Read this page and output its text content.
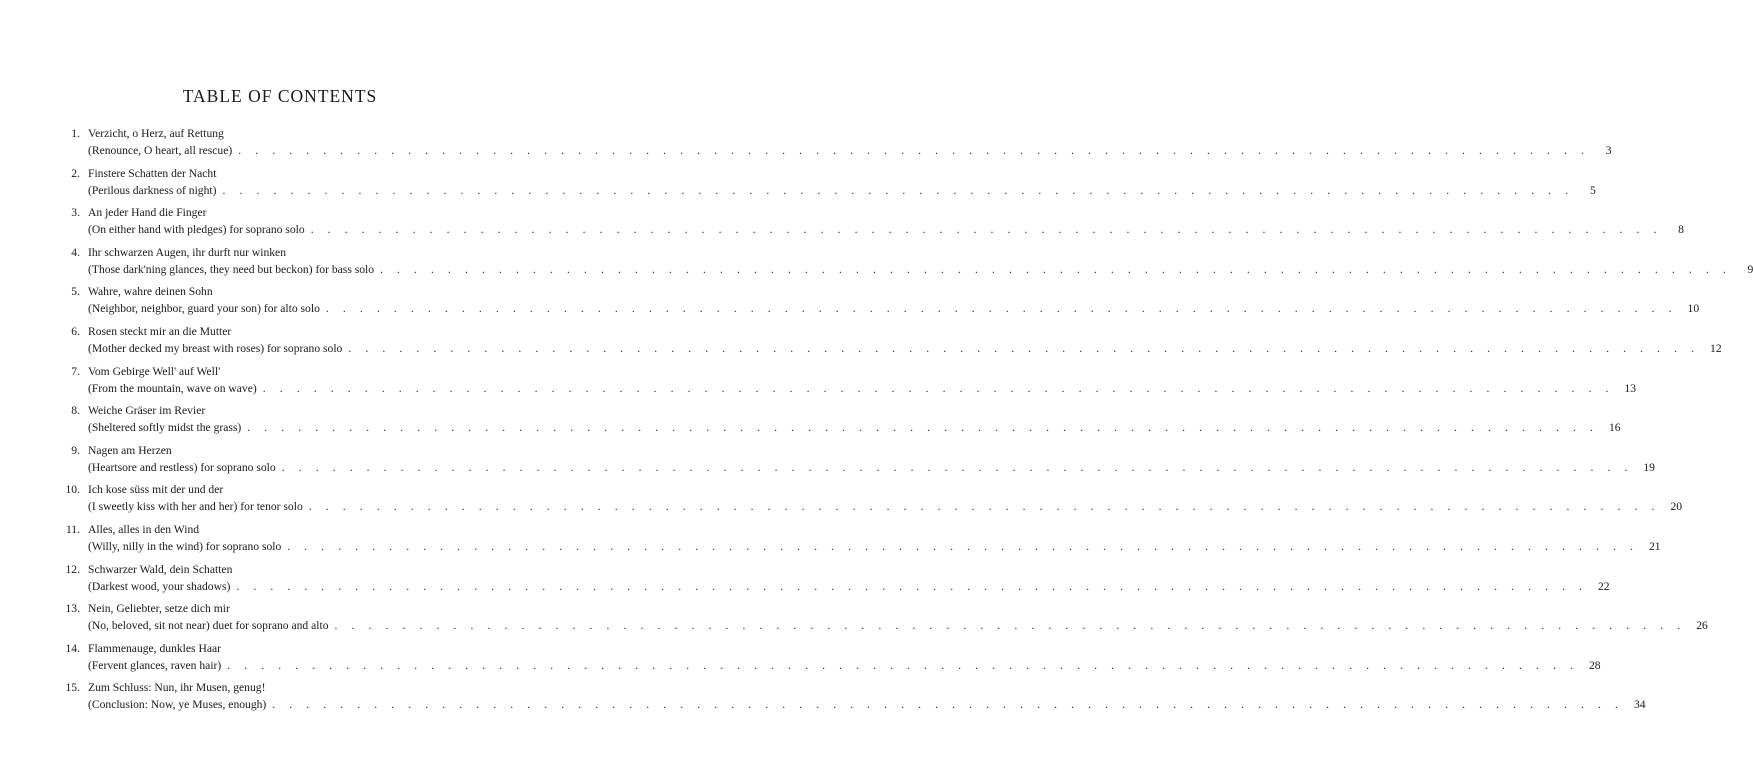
TABLE OF CONTENTS
1. Verzicht, o Herz, auf Rettung
(Renounce, O heart, all rescue) . . . . . . . . . . . . . . . . . . . . . . . . . . . . . . . . . . . . . . . . . . . . . . . . . . . . . . . . . . . . . . . . . . . . . . . . . . . . . . . .	3
2. Finstere Schatten der Nacht
(Perilous darkness of night) . . . . . . . . . . . . . . . . . . . . . . . . . . . . . . . . . . . . . . . . . . . . . . . . . . . . . . . . . . . . . . . . . . . . . . . . . . . . . . . .	5
3. An jeder Hand die Finger
(On either hand with pledges) for soprano solo . . . . . . . . . . . . . . . . . . . . . . . . . . . . . . . . . . . . . . . . . . . . . . . . . . . . . . . . . . . . . . . . . . . . . . . . . . . . . . . .	8
4. Ihr schwarzen Augen, ihr durft nur winken
(Those dark'ning glances, they need but beckon) for bass solo . . . . . . . . . . . . . . . . . . . . . . . . . . . . . . . . . . . . . . . . . . . . . . . . . . . . . . . . . . . . . . . . . . . . . . . . . . . . . . . .	9
5. Wahre, wahre deinen Sohn
(Neighbor, neighbor, guard your son) for alto solo . . . . . . . . . . . . . . . . . . . . . . . . . . . . . . . . . . . . . . . . . . . . . . . . . . . . . . . . . . . . . . . . . . . . . . . . . . . . . . . . 10
6. Rosen steckt mir an die Mutter
(Mother decked my breast with roses) for soprano solo . . . . . . . . . . . . . . . . . . . . . . . . . . . . . . . . . . . . . . . . . . . . . . . . . . . . . . . . . . . . . . . . . . . . . . . . . . . . . . . . 12
7. Vom Gebirge Well' auf Well'
(From the mountain, wave on wave) . . . . . . . . . . . . . . . . . . . . . . . . . . . . . . . . . . . . . . . . . . . . . . . . . . . . . . . . . . . . . . . . . . . . . . . . . . . . . . . . 13
8. Weiche Gräser im Revier
(Sheltered softly midst the grass) . . . . . . . . . . . . . . . . . . . . . . . . . . . . . . . . . . . . . . . . . . . . . . . . . . . . . . . . . . . . . . . . . . . . . . . . . . . . . . . . 16
9. Nagen am Herzen
(Heartsore and restless) for soprano solo . . . . . . . . . . . . . . . . . . . . . . . . . . . . . . . . . . . . . . . . . . . . . . . . . . . . . . . . . . . . . . . . . . . . . . . . . . . . . . . . 19
10. Ich kose süss mit der und der
(I sweetly kiss with her and her) for tenor solo . . . . . . . . . . . . . . . . . . . . . . . . . . . . . . . . . . . . . . . . . . . . . . . . . . . . . . . . . . . . . . . . . . . . . . . . . . . . . . . . 20
11. Alles, alles in den Wind
(Willy, nilly in the wind) for soprano solo . . . . . . . . . . . . . . . . . . . . . . . . . . . . . . . . . . . . . . . . . . . . . . . . . . . . . . . . . . . . . . . . . . . . . . . . . . . . . . . . 21
12. Schwarzer Wald, dein Schatten
(Darkest wood, your shadows) . . . . . . . . . . . . . . . . . . . . . . . . . . . . . . . . . . . . . . . . . . . . . . . . . . . . . . . . . . . . . . . . . . . . . . . . . . . . . . . . 22
13. Nein, Geliebter, setze dich mir
(No, beloved, sit not near) duet for soprano and alto . . . . . . . . . . . . . . . . . . . . . . . . . . . . . . . . . . . . . . . . . . . . . . . . . . . . . . . . . . . . . . . . . . . . . . . . . . . . . . . . 26
14. Flammenauge, dunkles Haar
(Fervent glances, raven hair) . . . . . . . . . . . . . . . . . . . . . . . . . . . . . . . . . . . . . . . . . . . . . . . . . . . . . . . . . . . . . . . . . . . . . . . . . . . . . . . . 28
15. Zum Schluss: Nun, ihr Musen, genug!
(Conclusion: Now, ye Muses, enough) . . . . . . . . . . . . . . . . . . . . . . . . . . . . . . . . . . . . . . . . . . . . . . . . . . . . . . . . . . . . . . . . . . . . . . . . . . . . . . . . 34
